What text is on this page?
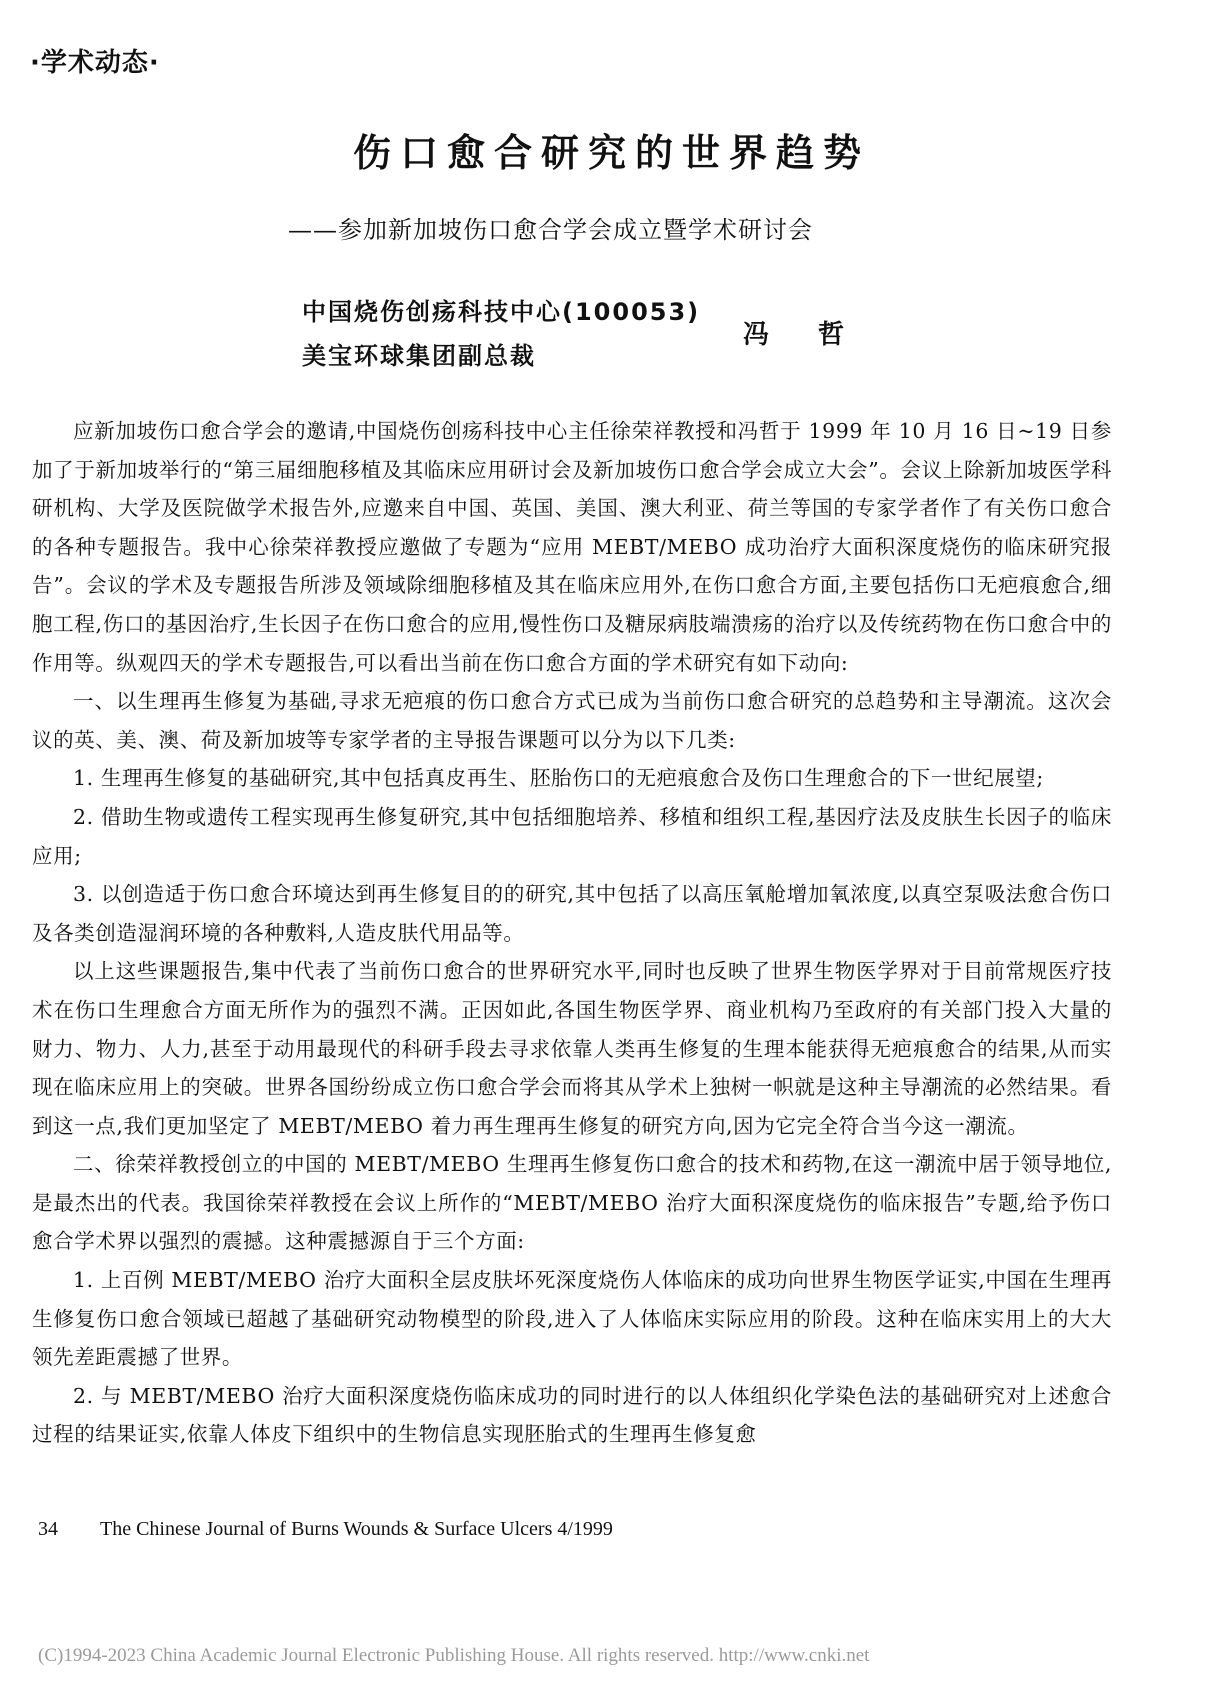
·学术动态·
伤口愈合研究的世界趋势
——参加新加坡伤口愈合学会成立暨学术研讨会
中国烧伤创疡科技中心(100053)
美宝环球集团副总裁
冯 哲

应新加坡伤口愈合学会的邀请,中国烧伤创疡科技中心主任徐荣祥教授和冯哲于 1999 年 10 月 16 日~19 日参加了于新加坡举行的“第三届细胞移植及其临床应用研讨会及新加坡伤口愈合学会成立大会”。会议上除新加坡医学科研机构、大学及医院做学术报告外,应邀来自中国、英国、美国、澳大利亚、荷兰等国的专家学者作了有关伤口愈合的各种专题报告。我中心徐荣祥教授应邀做了专题为“应用 MEBT/MEBO 成功治疗大面积深度烧伤的临床研究报告”。会议的学术及专题报告所涉及领域除细胞移植及其在临床应用外,在伤口愈合方面,主要包括伤口无疤痕愈合,细胞工程,伤口的基因治疗,生长因子在伤口愈合的应用,慢性伤口及糖尿病肢端溃疡的治疗以及传统药物在伤口愈合中的作用等。纵观四天的学术专题报告,可以看出当前在伤口愈合方面的学术研究有如下动向:

一、以生理再生修复为基础,寻求无疤痕的伤口愈合方式已成为当前伤口愈合研究的总趋势和主导潮流。这次会议的英、美、澳、荷及新加坡等专家学者的主导报告课题可以分为以下几类:

1. 生理再生修复的基础研究,其中包括真皮再生、胚胎伤口的无疤痕愈合及伤口生理愈合的下一世纪展望;

2. 借助生物或遗传工程实现再生修复研究,其中包括细胞培养、移植和组织工程,基因疗法及皮肤生长因子的临床应用;

3. 以创造适于伤口愈合环境达到再生修复目的的研究,其中包括了以高压氧舱增加氧浓度,以真空泵吸法愈合伤口及各类创造湿润环境的各种敷料,人造皮肤代用品等。

以上这些课题报告,集中代表了当前伤口愈合的世界研究水平,同时也反映了世界生物医学界对于目前常规医疗技术在伤口生理愈合方面无所作为的强烈不满。正因如此,各国生物医学界、商业机构乃至政府的有关部门投入大量的财力、物力、人力,甚至于动用最现代的科研手段去寻求依靠人类再生修复的生理本能获得无疤痕愈合的结果,从而实现在临床应用上的突破。世界各国纷纷成立伤口愈合学会而将其从学术上独树一帜就是这种主导潮流的必然结果。看到这一点,我们更加坚定了 MEBT/MEBO 着力再生理再生修复的研究方向,因为它完全符合当今这一潮流。

二、徐荣祥教授创立的中国的 MEBT/MEBO 生理再生修复伤口愈合的技术和药物,在这一潮流中居于领导地位,是最杰出的代表。我国徐荣祥教授在会议上所作的“MEBT/MEBO 治疗大面积深度烧伤的临床报告”专题,给予伤口愈合学术界以强烈的震撼。这种震撼源自于三个方面:

1. 上百例 MEBT/MEBO 治疗大面积全层皮肤坏死深度烧伤人体临床的成功向世界生物医学证实,中国在生理再生修复伤口愈合领域已超越了基础研究动物模型的阶段,进入了人体临床实际应用的阶段。这种在临床实用上的大大领先差距震撼了世界。

2. 与 MEBT/MEBO 治疗大面积深度烧伤临床成功的同时进行的以人体组织化学染色法的基础研究对上述愈合过程的结果证实,依靠人体皮下组织中的生物信息实现胚胎式的生理再生修复愈

34 The Chinese Journal of Burns Wounds & Surface Ulcers 4/1999
(C)1994-2023 China Academic Journal Electronic Publishing House. All rights reserved. http://www.cnki.net
